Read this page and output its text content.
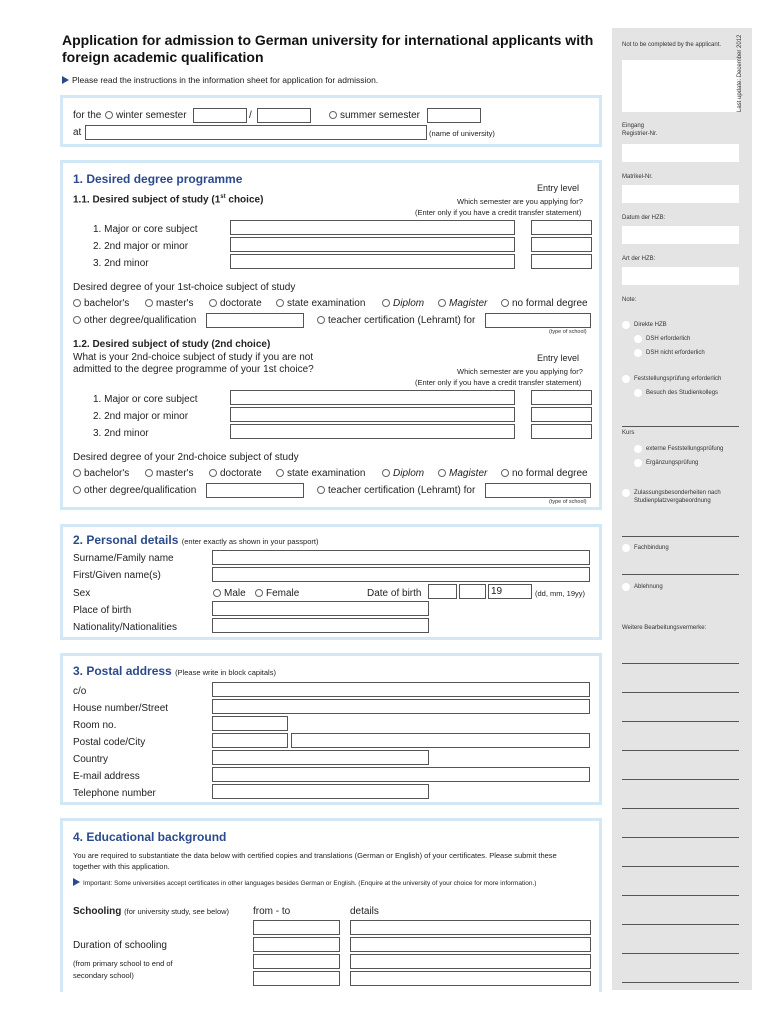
Application for admission to German university for international applicants with
foreign academic qualification
Please read the instructions in the information sheet for application for admission.
for the	winter semester	/	summer semester
at	(name of university)
1. Desired degree programme
1.1. Desired subject of study (1st choice)
Entry level
Which semester are you applying for?
(Enter only if you have a credit transfer statement)
1. Major or core subject
2. 2nd major or minor
3. 2nd minor
Desired degree of your 1st-choice subject of study
bachelor's	master's	doctorate	state examination	Diplom	Magister	no formal degree
other degree/qualification	teacher certification (Lehramt) for
(type of school)
1.2. Desired subject of study (2nd choice)
What is your 2nd-choice subject of study if you are not
admitted to the degree programme of your 1st choice?
Entry level
Which semester are you applying for?
(Enter only if you have a credit transfer statement)
1. Major or core subject
2. 2nd major or minor
3. 2nd minor
Desired degree of your 2nd-choice subject of study
bachelor's	master's	doctorate	state examination	Diplom	Magister	no formal degree
other degree/qualification	teacher certification (Lehramt) for
(type of school)
2. Personal details (enter exactly as shown in your passport)
Surname/Family name
First/Given name(s)
Sex	Male	Female	Date of birth	19	(dd, mm, 19yy)
Place of birth
Nationality/Nationalities
3. Postal address (Please write in block capitals)
c/o
House number/Street
Room no.
Postal code/City
Country
E-mail address
Telephone number
4. Educational background
You are required to substantiate the data below with certified copies and translations (German or English) of your certificates. Please submit these
together with this application.
Important: Some universities accept certificates in other languages besides German or English. (Enquire at the university of your choice for more information.)
Schooling (for university study, see below) from - to	details
Duration of schooling
(from primary school to end of
secondary school)
Not to be completed by the applicant.
Eingang
Registrier-Nr.
Matrikel-Nr.
Datum der HZB:
Art der HZB:
Note:
Direkte HZB
DSH erforderlich
DSH nicht erforderlich
Feststellungsprüfung erforderlich
Besuch des Studienkollegs
Kurs
externe Feststellungsprüfung
Ergänzungsprüfung
Zulassungsbesonderheiten nach
Studienplatzvergabeordnung
Fachbindung
Ablehnung
Weitere Bearbeitungsvermerke:
Last update: December 2012
